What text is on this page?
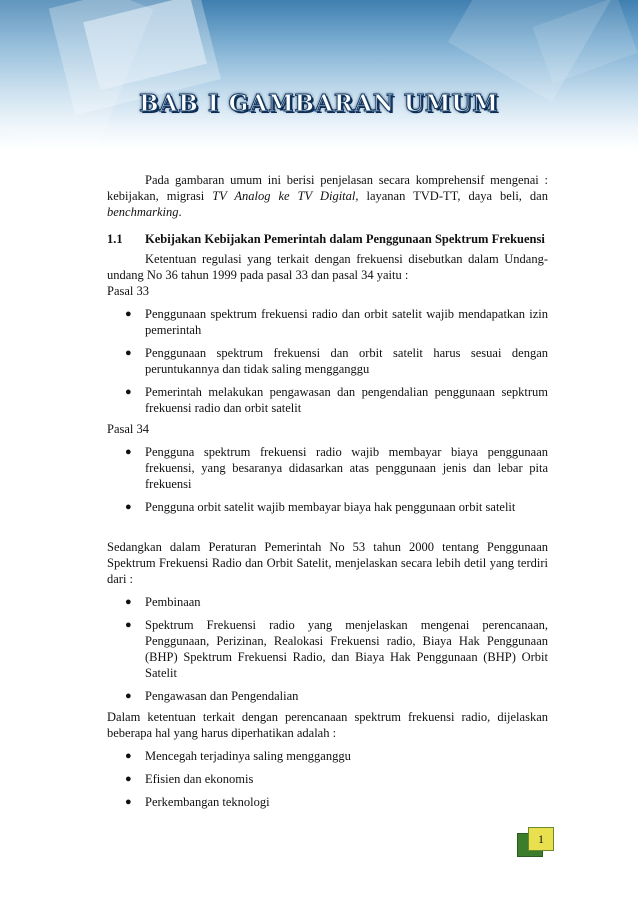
BAB I GAMBARAN UMUM

Pada gambaran umum ini berisi penjelasan secara komprehensif mengenai : kebijakan, migrasi TV Analog ke TV Digital, layanan TVD-TT, daya beli, dan benchmarking.

1.1	Kebijakan Kebijakan Pemerintah dalam Penggunaan Spektrum Frekuensi

Ketentuan regulasi yang terkait dengan frekuensi disebutkan dalam Undang-undang No 36 tahun 1999 pada pasal 33 dan pasal 34 yaitu :

Pasal 33

● Penggunaan spektrum frekuensi radio dan orbit satelit wajib mendapatkan izin pemerintah
● Penggunaan spektrum frekuensi dan orbit satelit harus sesuai dengan peruntukannya dan tidak saling mengganggu
● Pemerintah melakukan pengawasan dan pengendalian penggunaan sepktrum frekuensi radio dan orbit satelit

Pasal 34

● Pengguna spektrum frekuensi radio wajib membayar biaya penggunaan frekuensi, yang besaranya didasarkan atas penggunaan jenis dan lebar pita frekuensi
● Pengguna orbit satelit wajib membayar biaya hak penggunaan orbit satelit

Sedangkan dalam Peraturan Pemerintah No 53 tahun 2000 tentang Penggunaan Spektrum Frekuensi Radio dan Orbit Satelit, menjelaskan secara lebih detil yang terdiri dari :

● Pembinaan
● Spektrum Frekuensi radio yang menjelaskan mengenai perencanaan, Penggunaan, Perizinan, Realokasi Frekuensi radio, Biaya Hak Penggunaan (BHP) Spektrum Frekuensi Radio, dan Biaya Hak Penggunaan (BHP) Orbit Satelit
● Pengawasan dan Pengendalian

Dalam ketentuan terkait dengan perencanaan spektrum frekuensi radio, dijelaskan beberapa hal yang harus diperhatikan adalah :

● Mencegah terjadinya saling mengganggu
● Efisien dan ekonomis
● Perkembangan teknologi
1
